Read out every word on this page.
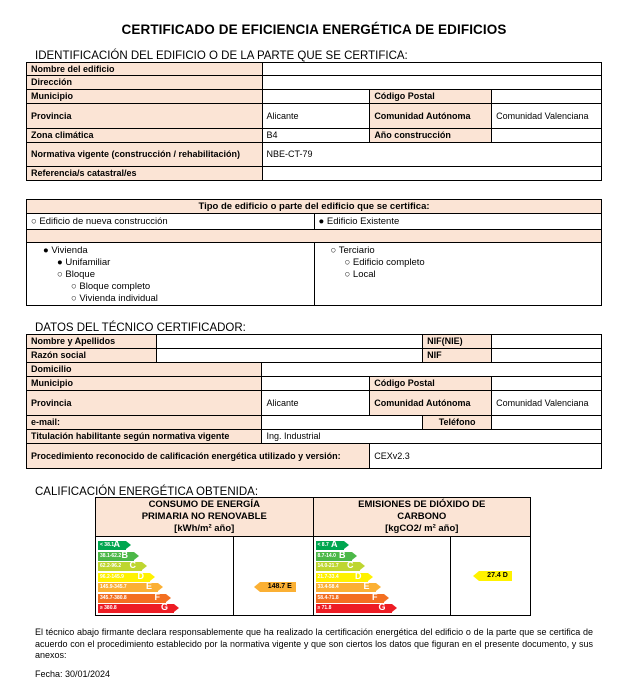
CERTIFICADO DE EFICIENCIA ENERGÉTICA DE EDIFICIOS
IDENTIFICACIÓN DEL EDIFICIO O DE LA PARTE QUE SE CERTIFICA:
Nombre del edificio			
Dirección			
Municipio		Código Postal	
Provincia	Alicante	Comunidad Autónoma	Comunidad Valenciana
Zona climática	B4	Año construcción	
Normativa vigente (construcción / rehabilitación)	NBE-CT-79		
Referencia/s catastral/es			
Tipo de edificio o parte del edificio que se certifica:	
○ Edificio de nueva construcción	● Edificio Existente

● Vivienda
● Unifamiliar
○ Bloque
○ Bloque completo
○ Vivienda individual

○ Terciario
○ Edificio completo
○ Local
DATOS DEL TÉCNICO CERTIFICADOR:
Nombre y Apellidos				NIF(NIE)	
Razón social				NIF	
Domicilio					
Municipio			Código Postal		
Provincia		Alicante	Comunidad Autónoma		Comunidad Valenciana
e-mail:				Teléfono	
Titulación habilitante según normativa vigente		Ing. Industrial			
Procedimiento reconocido de calificación energética utilizado y versión:			CEXv2.3		
CALIFICACIÓN ENERGÉTICA OBTENIDA:
CONSUMO DE ENERGÍA
PRIMARIA NO RENOVABLE
[kWh/m² año]

EMISIONES DE DIÓXIDO DE
CARBONO
[kgCO2/ m² año]

< 38.1 A
38.1-62.2 B
62.2-96.2 C
96.2-145.9 D
145.9-345.7 E
345.7-380.8	F
≥ 380.8	G

148.7 E

< 8.7 A
8.7-14.0 B
14.0-21.7 C
21.7-33.4 D
33.4-58.4	E
58.4-71.8	F
≥ 71.8	G

27.4 D
El técnico abajo firmante declara responsablemente que ha realizado la certificación energética del edificio o de la parte que se certifica de acuerdo con el procedimiento establecido por la normativa vigente y que son ciertos los datos que figuran en el presente documento, y sus anexos:
Fecha: 30/01/2024
